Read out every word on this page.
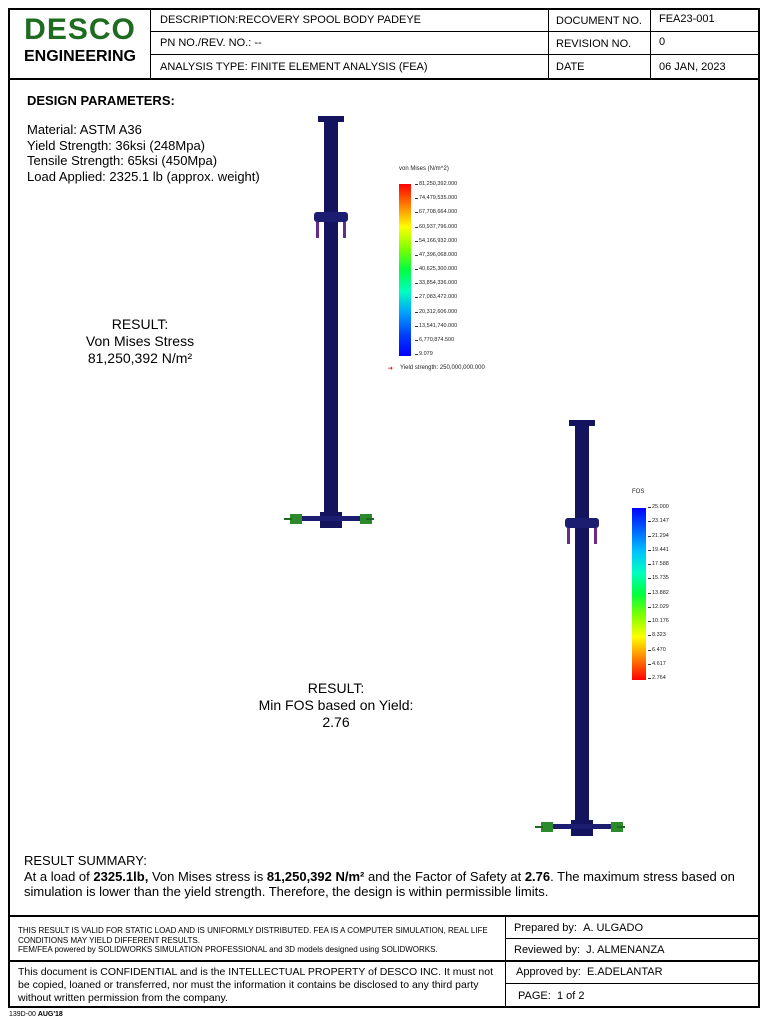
DESCO
ENGINEERING
DESCRIPTION:RECOVERY SPOOL BODY PADEYE
PN NO./REV. NO.: --
ANALYSIS TYPE: FINITE ELEMENT ANALYSIS (FEA)
DOCUMENT NO. FEA23-001
REVISION NO.	0
DATE	06 JAN, 2023
DESIGN PARAMETERS:
Material: ASTM A36
Yield Strength: 36ksi (248Mpa)
Tensile Strength: 65ksi (450Mpa)
Load Applied: 2325.1 lb (approx. weight)
RESULT:
Von Mises Stress
81,250,392 N/m²
RESULT:
Min FOS based on Yield:
2.76
von Mises (N/m^2)
81,250,392.000
74,479,535.000
67,708,664.000
60,937,796.000
54,166,932.000
47,396,068.000
40,625,300.000
33,854,336.000
27,083,472.000
20,312,606.000
13,541,740.000
6,770,874.500
9.079
➔ Yield strength: 250,000,000.000
FOS
25.000
23.147
21.294
19.441
17.588
15.735
13.882
12.029
10.176
8.323
6.470
4.617
2.764
RESULT SUMMARY:
At a load of 2325.1lb, Von Mises stress is 81,250,392 N/m² and the Factor of Safety at 2.76. The maximum stress based on simulation is lower than the yield strength. Therefore, the design is within permissible limits.
THIS RESULT IS VALID FOR STATIC LOAD AND IS UNIFORMLY DISTRIBUTED. FEA IS A COMPUTER SIMULATION, REAL LIFE CONDITIONS MAY YIELD DIFFERENT RESULTS.
FEM/FEA powered by SOLIDWORKS SIMULATION PROFESSIONAL and 3D models designed using SOLIDWORKS.
This document is CONFIDENTIAL and is the INTELLECTUAL PROPERTY of DESCO INC. It must not be copied, loaned or transferred, nor must the information it contains be disclosed to any third party without written permission from the company.
Prepared by: A. ULGADO
Reviewed by: J. ALMENANZA
Approved by: E.ADELANTAR
PAGE: 1 of 2
139D-00 AUG'18
